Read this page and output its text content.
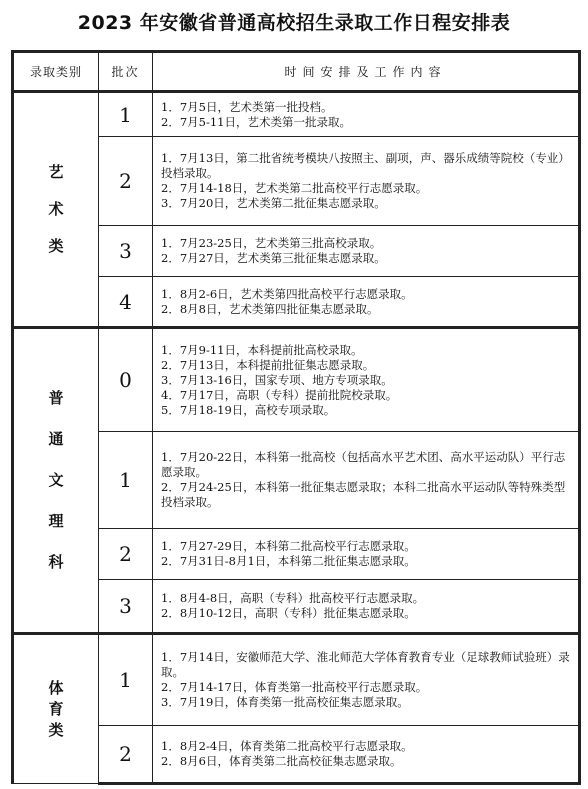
2023 年安徽省普通高校招生录取工作日程安排表
录取类别	批次	时间安排及工作内容

艺
术
类	1	1．7月5日，艺术类第一批投档。
2．7月5-11日，艺术类第一批录取。

	2	1．7月13日，第二批省统考模块八按照主、副项，声、器乐成绩等院校（专业）投档录取。
2．7月14-18日，艺术类第二批高校平行志愿录取。
3．7月20日，艺术类第二批征集志愿录取。

	3	1．7月23-25日，艺术类第三批高校录取。
2．7月27日，艺术类第三批征集志愿录取。

	4	1．8月2-6日，艺术类第四批高校平行志愿录取。
2．8月8日，艺术类第四批征集志愿录取。

普
通
文
理
科	0	1．7月9-11日，本科提前批高校录取。
2．7月13日，本科提前批征集志愿录取。
3．7月13-16日，国家专项、地方专项录取。
4．7月17日，高职（专科）提前批院校录取。
5．7月18-19日，高校专项录取。

	1	1．7月20-22日，本科第一批高校（包括高水平艺术团、高水平运动队）平行志愿录取。
2．7月24-25日，本科第一批征集志愿录取；本科二批高水平运动队等特殊类型投档录取。

	2	1．7月27-29日，本科第二批高校平行志愿录取。
2．7月31日-8月1日，本科第二批征集志愿录取。

	3	1．8月4-8日，高职（专科）批高校平行志愿录取。
2．8月10-12日，高职（专科）批征集志愿录取。

体
育
类	1	1．7月14日，安徽师范大学、淮北师范大学体育教育专业（足球教师试验班）录取。
2．7月14-17日，体育类第一批高校平行志愿录取。
3．7月19日，体育类第一批高校征集志愿录取。

	2	1．8月2-4日，体育类第二批高校平行志愿录取。
2．8月6日，体育类第二批高校征集志愿录取。
